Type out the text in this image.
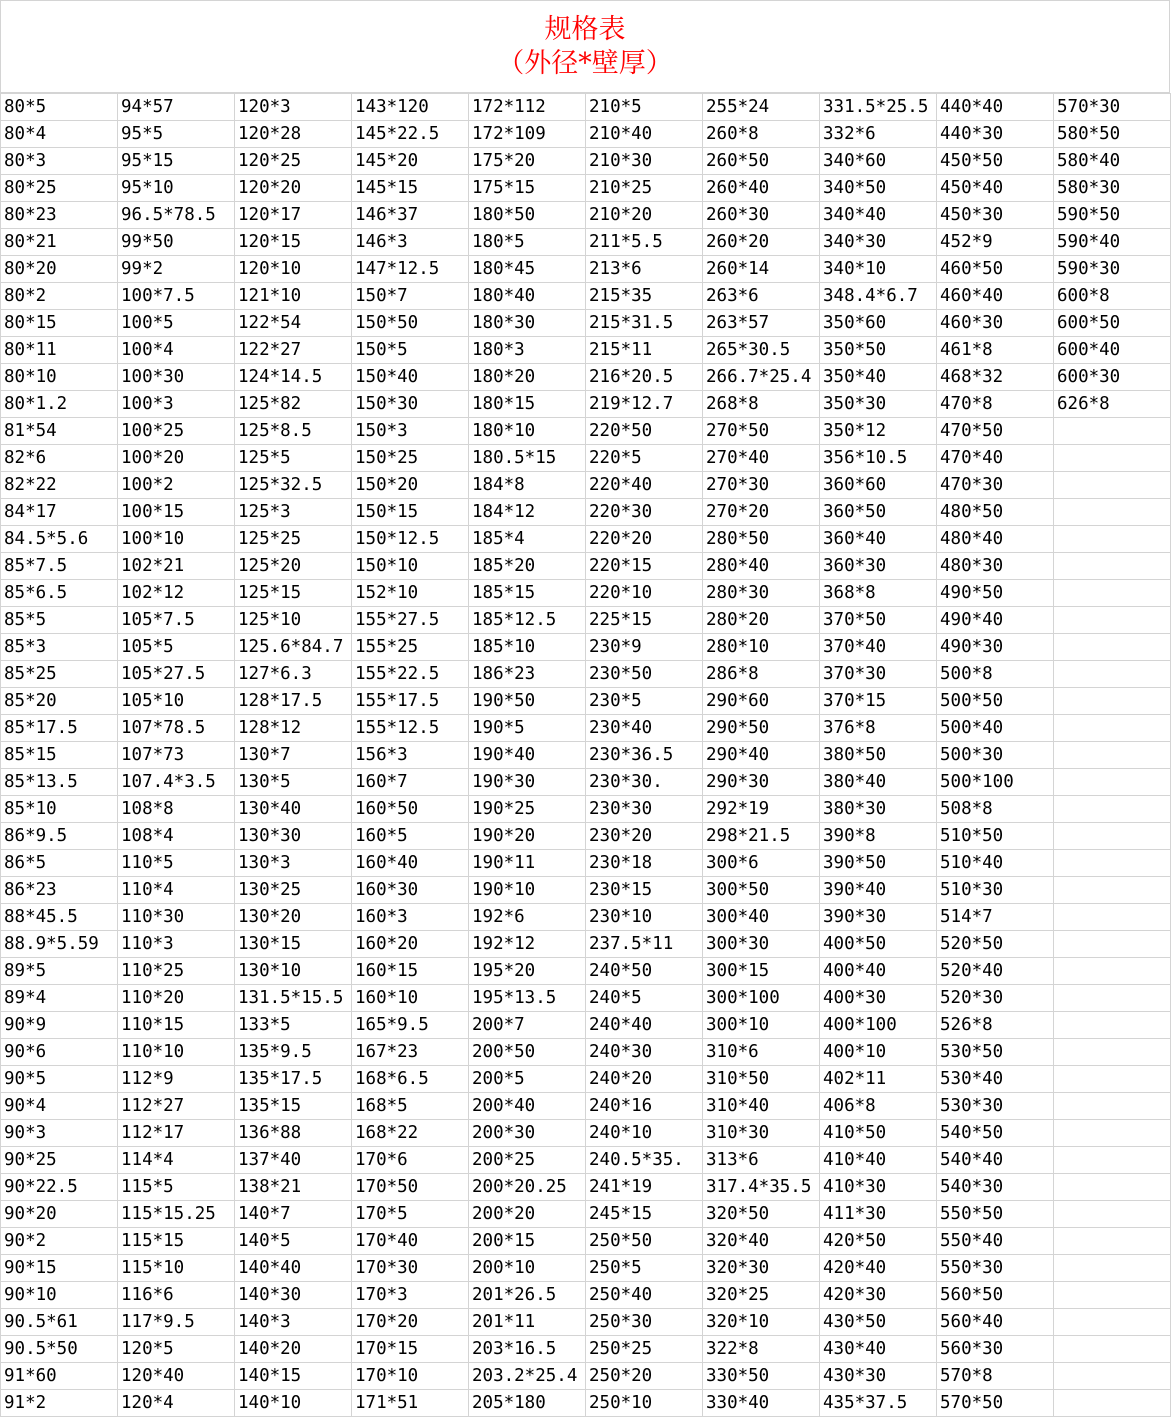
规格表
（外径*壁厚）
80*5	94*57	120*3	143*120	172*112	210*5	255*24	331.5*25.5	440*40	570*30
80*4	95*5	120*28	145*22.5	172*109	210*40	260*8	332*6	440*30	580*50
80*3	95*15	120*25	145*20	175*20	210*30	260*50	340*60	450*50	580*40
80*25	95*10	120*20	145*15	175*15	210*25	260*40	340*50	450*40	580*30
80*23	96.5*78.5	120*17	146*37	180*50	210*20	260*30	340*40	450*30	590*50
80*21	99*50	120*15	146*3	180*5	211*5.5	260*20	340*30	452*9	590*40
80*20	99*2	120*10	147*12.5	180*45	213*6	260*14	340*10	460*50	590*30
80*2	100*7.5	121*10	150*7	180*40	215*35	263*6	348.4*6.7	460*40	600*8
80*15	100*5	122*54	150*50	180*30	215*31.5	263*57	350*60	460*30	600*50
80*11	100*4	122*27	150*5	180*3	215*11	265*30.5	350*50	461*8	600*40
80*10	100*30	124*14.5	150*40	180*20	216*20.5	266.7*25.4	350*40	468*32	600*30
80*1.2	100*3	125*82	150*30	180*15	219*12.7	268*8	350*30	470*8	626*8
81*54	100*25	125*8.5	150*3	180*10	220*50	270*50	350*12	470*50	
82*6	100*20	125*5	150*25	180.5*15	220*5	270*40	356*10.5	470*40	
82*22	100*2	125*32.5	150*20	184*8	220*40	270*30	360*60	470*30	
84*17	100*15	125*3	150*15	184*12	220*30	270*20	360*50	480*50	
84.5*5.6	100*10	125*25	150*12.5	185*4	220*20	280*50	360*40	480*40	
85*7.5	102*21	125*20	150*10	185*20	220*15	280*40	360*30	480*30	
85*6.5	102*12	125*15	152*10	185*15	220*10	280*30	368*8	490*50	
85*5	105*7.5	125*10	155*27.5	185*12.5	225*15	280*20	370*50	490*40	
85*3	105*5	125.6*84.7	155*25	185*10	230*9	280*10	370*40	490*30	
85*25	105*27.5	127*6.3	155*22.5	186*23	230*50	286*8	370*30	500*8	
85*20	105*10	128*17.5	155*17.5	190*50	230*5	290*60	370*15	500*50	
85*17.5	107*78.5	128*12	155*12.5	190*5	230*40	290*50	376*8	500*40	
85*15	107*73	130*7	156*3	190*40	230*36.5	290*40	380*50	500*30	
85*13.5	107.4*3.5	130*5	160*7	190*30	230*30.	290*30	380*40	500*100	
85*10	108*8	130*40	160*50	190*25	230*30	292*19	380*30	508*8	
86*9.5	108*4	130*30	160*5	190*20	230*20	298*21.5	390*8	510*50	
86*5	110*5	130*3	160*40	190*11	230*18	300*6	390*50	510*40	
86*23	110*4	130*25	160*30	190*10	230*15	300*50	390*40	510*30	
88*45.5	110*30	130*20	160*3	192*6	230*10	300*40	390*30	514*7	
88.9*5.59	110*3	130*15	160*20	192*12	237.5*11	300*30	400*50	520*50	
89*5	110*25	130*10	160*15	195*20	240*50	300*15	400*40	520*40	
89*4	110*20	131.5*15.5	160*10	195*13.5	240*5	300*100	400*30	520*30	
90*9	110*15	133*5	165*9.5	200*7	240*40	300*10	400*100	526*8	
90*6	110*10	135*9.5	167*23	200*50	240*30	310*6	400*10	530*50	
90*5	112*9	135*17.5	168*6.5	200*5	240*20	310*50	402*11	530*40	
90*4	112*27	135*15	168*5	200*40	240*16	310*40	406*8	530*30	
90*3	112*17	136*88	168*22	200*30	240*10	310*30	410*50	540*50	
90*25	114*4	137*40	170*6	200*25	240.5*35.	313*6	410*40	540*40	
90*22.5	115*5	138*21	170*50	200*20.25	241*19	317.4*35.5	410*30	540*30	
90*20	115*15.25	140*7	170*5	200*20	245*15	320*50	411*30	550*50	
90*2	115*15	140*5	170*40	200*15	250*50	320*40	420*50	550*40	
90*15	115*10	140*40	170*30	200*10	250*5	320*30	420*40	550*30	
90*10	116*6	140*30	170*3	201*26.5	250*40	320*25	420*30	560*50	
90.5*61	117*9.5	140*3	170*20	201*11	250*30	320*10	430*50	560*40	
90.5*50	120*5	140*20	170*15	203*16.5	250*25	322*8	430*40	560*30	
91*60	120*40	140*15	170*10	203.2*25.4	250*20	330*50	430*30	570*8	
91*2	120*4	140*10	171*51	205*180	250*10	330*40	435*37.5	570*50	
